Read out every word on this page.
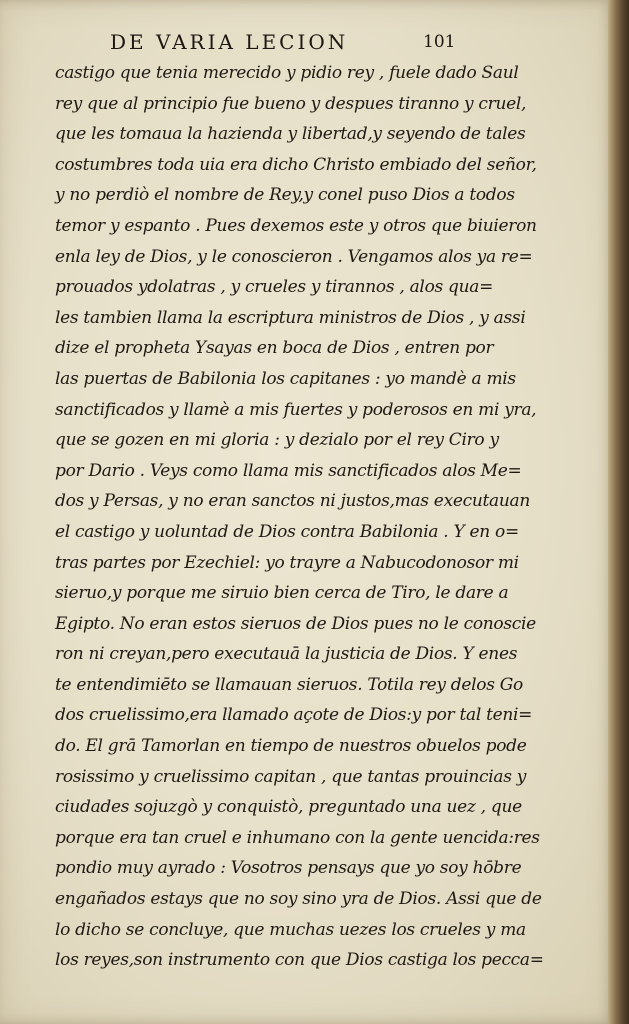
DE VARIA LECION	101
castigo que tenia merecido y pidio rey , fuele dado Saul
rey que al principio fue bueno y despues tiranno y cruel,
que les tomaua la hazienda y libertad,y seyendo de tales
costumbres toda uia era dicho Christo embiado del señor,
y no perdiò el nombre de Rey,y conel puso Dios a todos
temor y espanto . Pues dexemos este y otros que biuieron
enla ley de Dios, y le conoscieron . Vengamos alos ya re=
prouados ydolatras , y crueles y tirannos , alos qua=
les tambien llama la escriptura ministros de Dios , y assi
dize el propheta Ysayas en boca de Dios , entren por
las puertas de Babilonia los capitanes : yo mandè a mis
sanctificados y llamè a mis fuertes y poderosos en mi yra,
que se gozen en mi gloria : y dezialo por el rey Ciro y
por Dario . Veys como llama mis sanctificados alos Me=
dos y Persas, y no eran sanctos ni justos,mas executauan
el castigo y uoluntad de Dios contra Babilonia . Y en o=
tras partes por Ezechiel: yo trayre a Nabucodonosor mi
sieruo,y porque me siruio bien cerca de Tiro, le dare a
Egipto. No eran estos sieruos de Dios pues no le conoscie
ron ni creyan,pero executauā la justicia de Dios. Y enes
te entendimiēto se llamauan sieruos. Totila rey delos Go
dos cruelissimo,era llamado açote de Dios:y por tal teni=
do. El grā Tamorlan en tiempo de nuestros obuelos pode
rosissimo y cruelissimo capitan , que tantas prouincias y
ciudades sojuzgò y conquistò, preguntado una uez , que
porque era tan cruel e inhumano con la gente uencida:res
pondio muy ayrado : Vosotros pensays que yo soy hōbre
engañados estays que no soy sino yra de Dios. Assi que de
lo dicho se concluye, que muchas uezes los crueles y ma
los reyes,son instrumento con que Dios castiga los pecca=
